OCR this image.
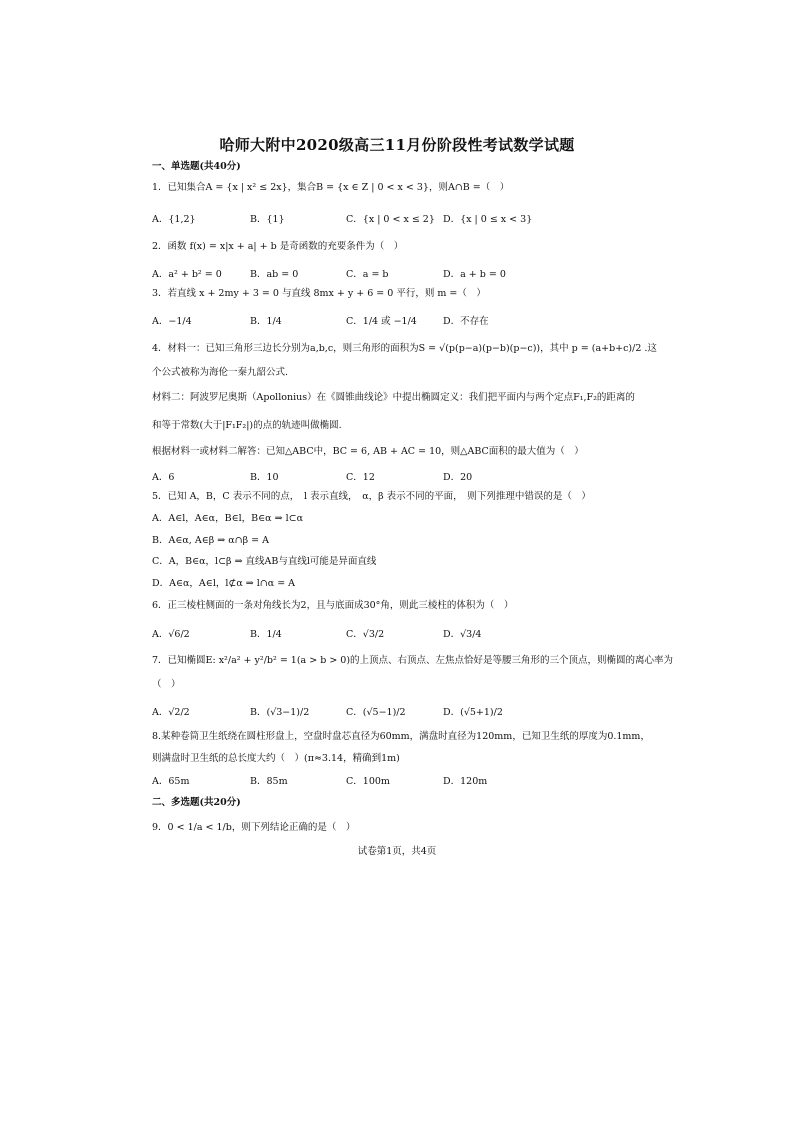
哈师大附中2020级高三11月份阶段性考试数学试题
一、单选题(共40分)
1．已知集合A = {x | x² ≤ 2x}，集合B = {x ∈ Z | 0 < x < 3}，则A∩B =（　）
A．{1,2}	B．{1}	C．{x | 0 < x ≤ 2} D．{x | 0 ≤ x < 3}
2．函数 f(x) = x|x + a| + b 是奇函数的充要条件为（　）
A．a² + b² = 0	B．ab = 0	C．a = b	D．a + b = 0
3．若直线 x + 2my + 3 = 0 与直线 8mx + y + 6 = 0 平行，则 m =（　）
A．−1/4	B．1/4	C．1/4 或 −1/4	D．不存在
4．材料一：已知三角形三边长分别为a,b,c，则三角形的面积为S = √(p(p−a)(p−b)(p−c))，其中 p = (a+b+c)/2 .这
个公式被称为海伦一秦九韶公式.
材料二：阿波罗尼奥斯（Apollonius）在《圆锥曲线论》中提出椭圆定义：我们把平面内与两个定点F₁,F₂的距离的
和等于常数(大于|F₁F₂|)的点的轨迹叫做椭圆.
根据材料一或材料二解答：已知△ABC中，BC = 6, AB + AC = 10，则△ABC面积的最大值为（　）
A．6	B．10	C．12	D．20
5．已知 A，B，C 表示不同的点，　l 表示直线，　α，β 表示不同的平面，　则下列推理中错误的是（　）
A．A∈l，A∈α，B∈l，B∈α ⇒ l⊂α
B．A∈α, A∈β ⇒ α∩β = A
C．A，B∈α，l⊂β ⇒ 直线AB与直线l可能是异面直线
D．A∈α，A∈l，l⊄α ⇒ l∩α = A
6．正三棱柱侧面的一条对角线长为2，且与底面成30°角，则此三棱柱的体积为（　）
A．√6/2	B．1/4	C．√3/2	D．√3/4
7．已知椭圆E: x²/a² + y²/b² = 1(a > b > 0)的上顶点、右顶点、左焦点恰好是等腰三角形的三个顶点，则椭圆的离心率为
（　）
A．√2/2	B．(√3−1)/2	C．(√5−1)/2	D．(√5+1)/2
8.某种卷筒卫生纸绕在圆柱形盘上，空盘时盘芯直径为60mm，满盘时直径为120mm，已知卫生纸的厚度为0.1mm，
则满盘时卫生纸的总长度大约（　）(π≈3.14，精确到1m)
A．65m	B．85m	C．100m	D．120m
二、多选题(共20分)
9．0 < 1/a < 1/b，则下列结论正确的是（　）
试卷第1页，共4页
